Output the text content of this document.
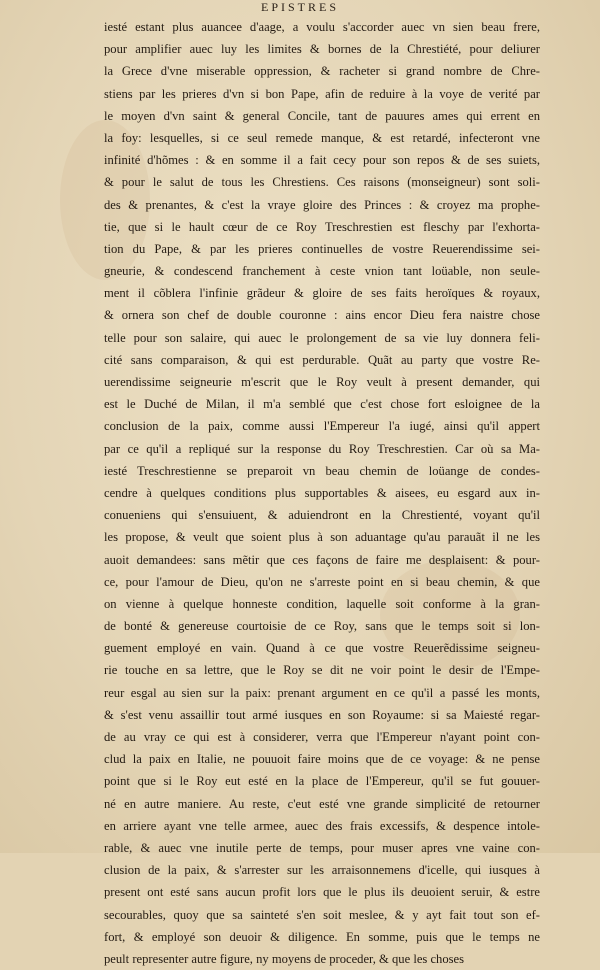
EPISTRES
iesté estant plus auancee d'aage, a voulu s'accorder auec vn sien beau frere,
pour amplifier auec luy les limites & bornes de la Chrestiété, pour deliurer
la Grece d'vne miserable oppression, & racheter si grand nombre de Chre-
stiens par les prieres d'vn si bon Pape, afin de reduire à la voye de verité par
le moyen d'vn saint & general Concile, tant de pauures ames qui errent en
la foy: lesquelles, si ce seul remede manque, & est retardé, infecteront vne
infinité d'hõmes : & en somme il a fait cecy pour son repos & de ses suiets,
& pour le salut de tous les Chrestiens. Ces raisons (monseigneur) sont soli-
des & prenantes, & c'est la vraye gloire des Princes : & croyez ma prophe-
tie, que si le hault cœur de ce Roy Treschrestien est fleschy par l'exhorta-
tion du Pape, & par les prieres continuelles de vostre Reuerendissime sei-
gneurie, & condescend franchement à ceste vnion tant loüable, non seule-
ment il cõblera l'infinie grãdeur & gloire de ses faits heroïques & royaux,
& ornera son chef de double couronne : ains encor Dieu fera naistre chose
telle pour son salaire, qui auec le prolongement de sa vie luy donnera feli-
cité sans comparaison, & qui est perdurable. Quãt au party que vostre Re-
uerendissime seigneurie m'escrit que le Roy veult à present demander, qui
est le Duché de Milan, il m'a semblé que c'est chose fort esloignee de la
conclusion de la paix, comme aussi l'Empereur l'a iugé, ainsi qu'il appert
par ce qu'il a repliqué sur la response du Roy Treschrestien. Car où sa Ma-
iesté Treschrestienne se preparoit vn beau chemin de loüange de condes-
cendre à quelques conditions plus supportables & aisees, eu esgard aux in-
conueniens qui s'ensuiuent, & aduiendront en la Chrestienté, voyant qu'il
les propose, & veult que soient plus à son aduantage qu'au parauãt il ne les
auoit demandees: sans mẽtir que ces façons de faire me desplaisent: & pour-
ce, pour l'amour de Dieu, qu'on ne s'arreste point en si beau chemin, & que
on vienne à quelque honneste condition, laquelle soit conforme à la gran-
de bonté & genereuse courtoisie de ce Roy, sans que le temps soit si lon-
guement employé en vain. Quand à ce que vostre Reuerẽdissime seigneu-
rie touche en sa lettre, que le Roy se dit ne voir point le desir de l'Empe-
reur esgal au sien sur la paix: prenant argument en ce qu'il a passé les monts,
& s'est venu assaillir tout armé iusques en son Royaume: si sa Maiesté regar-
de au vray ce qui est à considerer, verra que l'Empereur n'ayant point con-
clud la paix en Italie, ne pouuoit faire moins que de ce voyage: & ne pense
point que si le Roy eut esté en la place de l'Empereur, qu'il se fut gouuer-
né en autre maniere. Au reste, c'eut esté vne grande simplicité de retourner
en arriere ayant vne telle armee, auec des frais excessifs, & despence intole-
rable, & auec vne inutile perte de temps, pour muser apres vne vaine con-
clusion de la paix, & s'arrester sur les arraisonnemens d'icelle, qui iusques à
present ont esté sans aucun profit lors que le plus ils deuoient seruir, & estre
secourables, quoy que sa sainteté s'en soit meslee, & y ayt fait tout son ef-
fort, & employé son deuoir & diligence. En somme, puis que le temps ne
peult representer autre figure, ny moyens de proceder, & que les choses
